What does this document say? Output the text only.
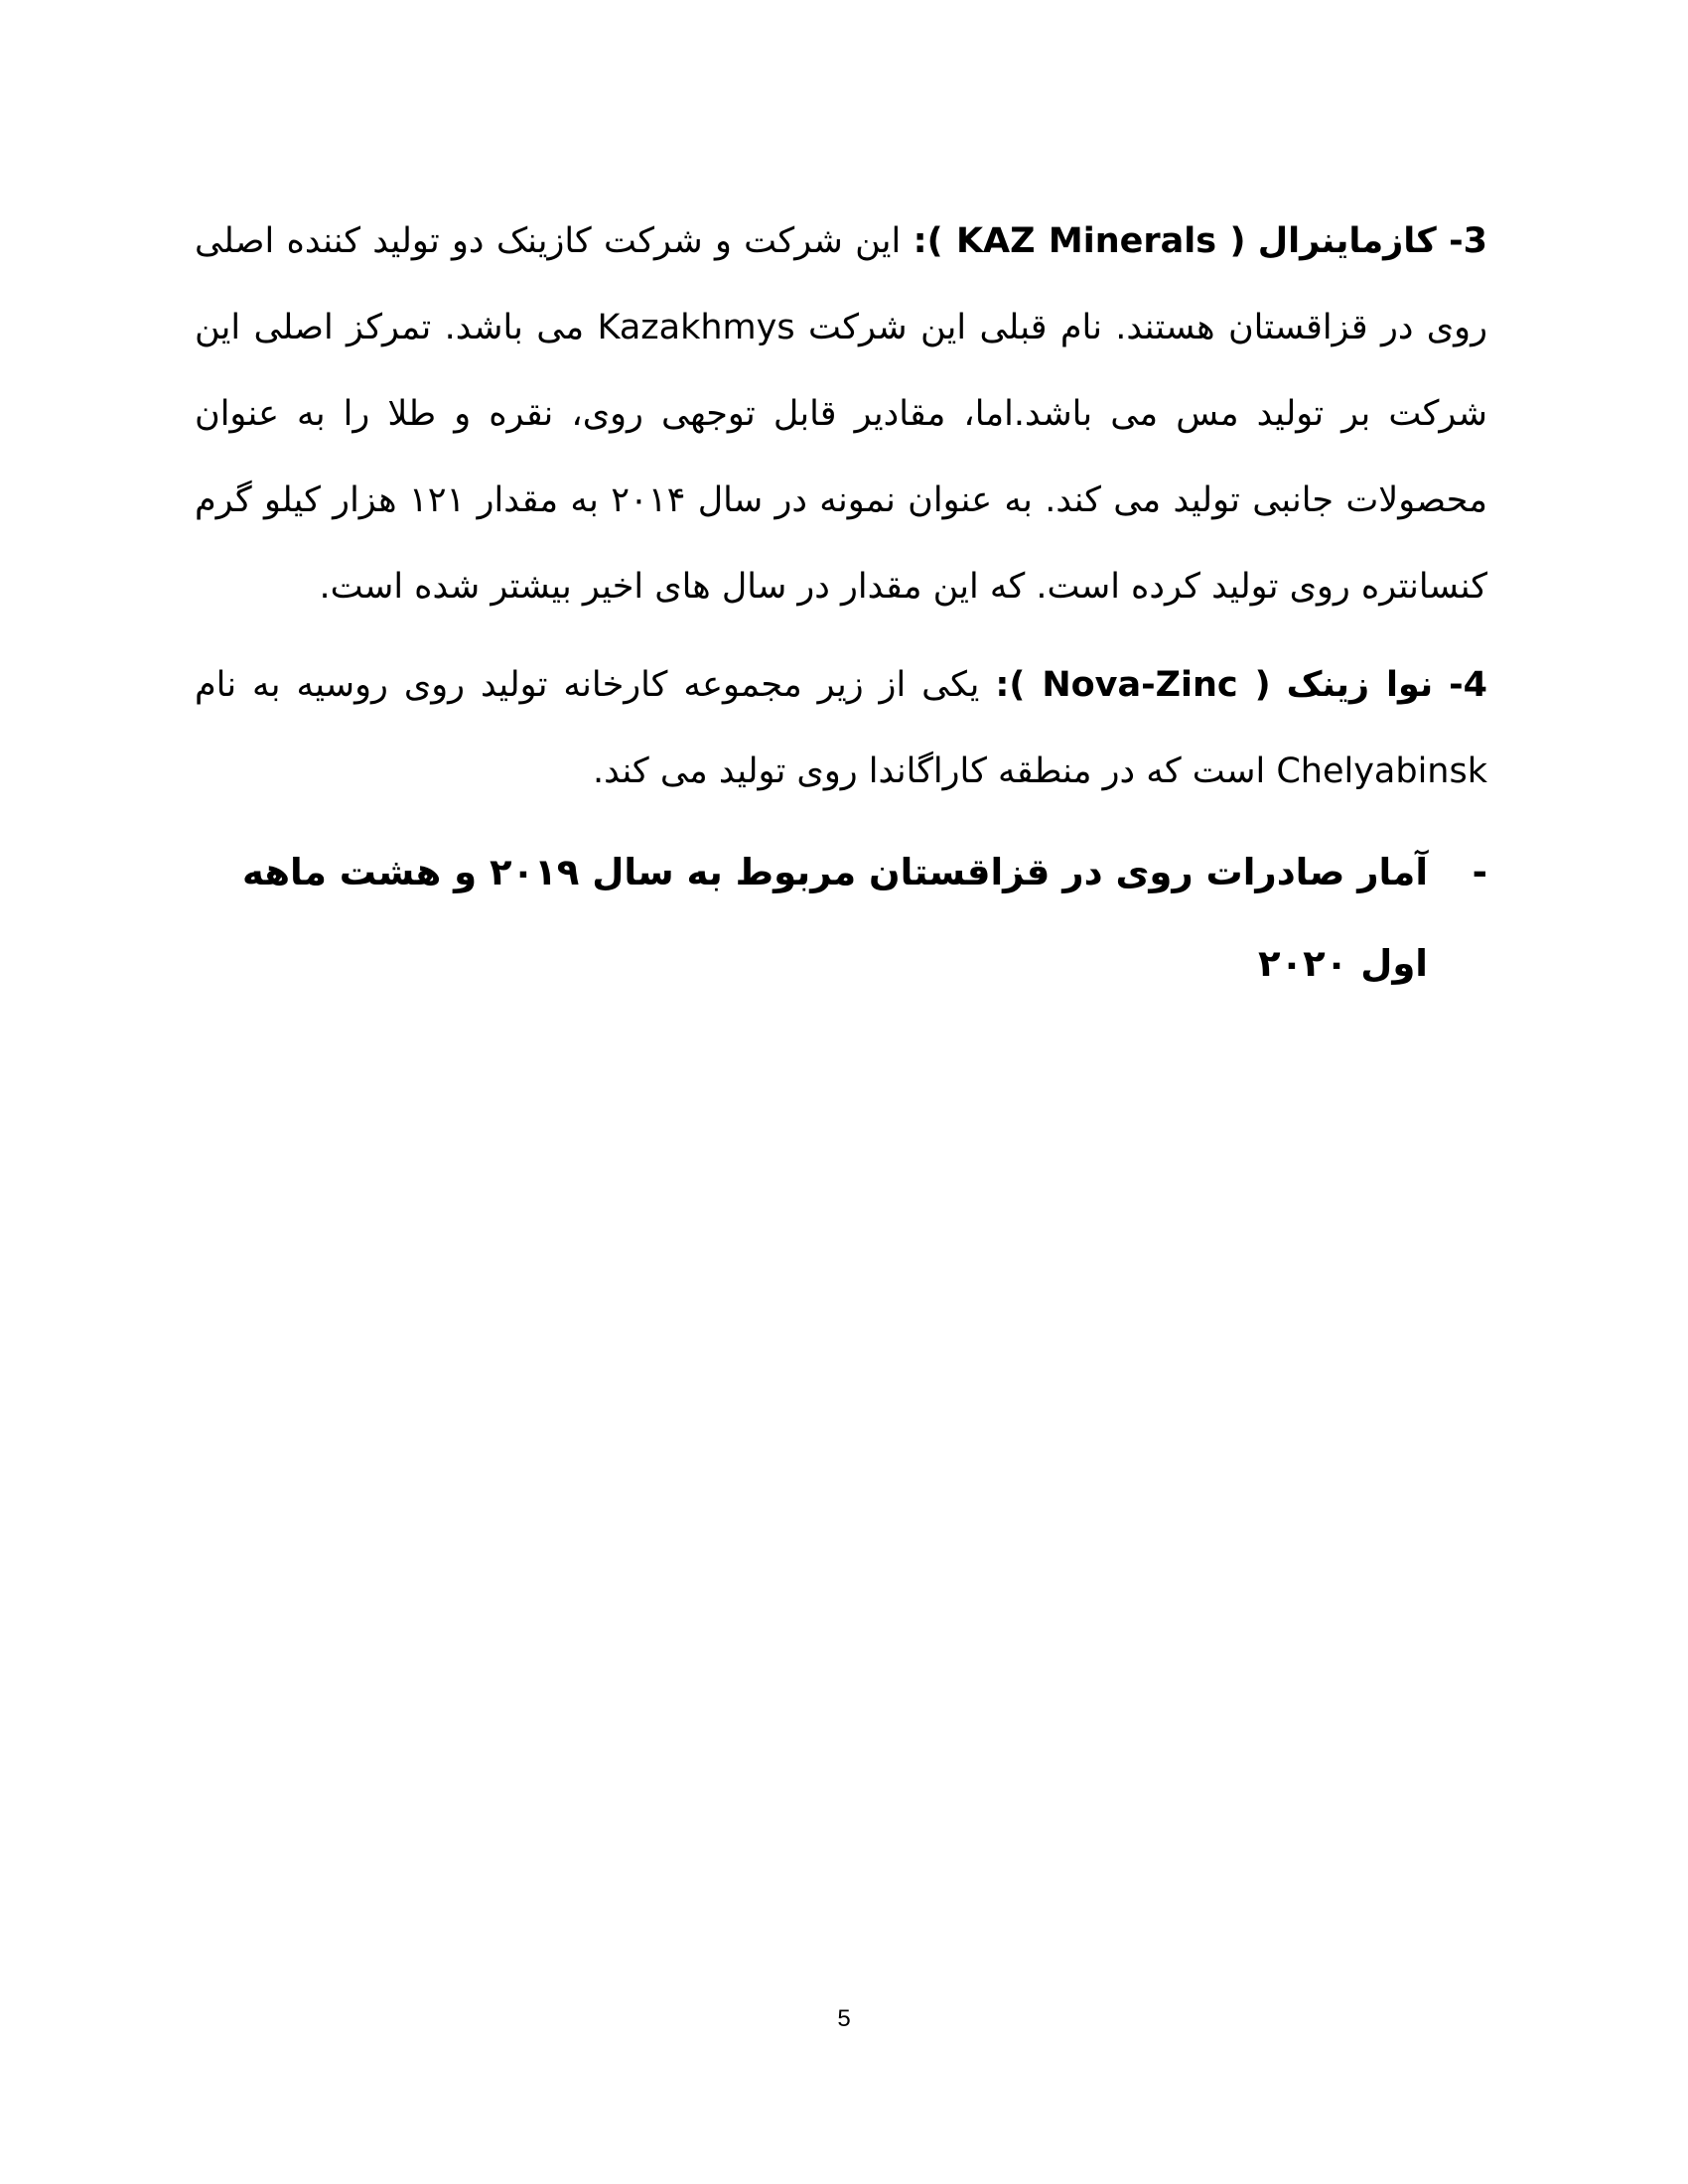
3- کازماینرال ( KAZ Minerals ): این شرکت و شرکت کازینک دو تولید کننده اصلی روی در قزاقستان هستند. نام قبلی این شرکت Kazakhmys می باشد. تمرکز اصلی این شرکت بر تولید مس می باشد.اما، مقادیر قابل توجهی روی، نقره و طلا را به عنوان محصولات جانبی تولید می کند. به عنوان نمونه در سال ۲۰۱۴ به مقدار ۱۲۱ هزار کیلو گرم کنسانتره روی تولید کرده است. که این مقدار در سال های اخیر بیشتر شده است.

4- نوا زینک ( Nova-Zinc ): یکی از زیر مجموعه کارخانه تولید روی روسیه به نام Chelyabinsk است که در منطقه کاراگاندا روی تولید می کند.

-
آمار صادرات روی در قزاقستان مربوط به سال ۲۰۱۹ و هشت ماهه اول ۲۰۲۰

5
